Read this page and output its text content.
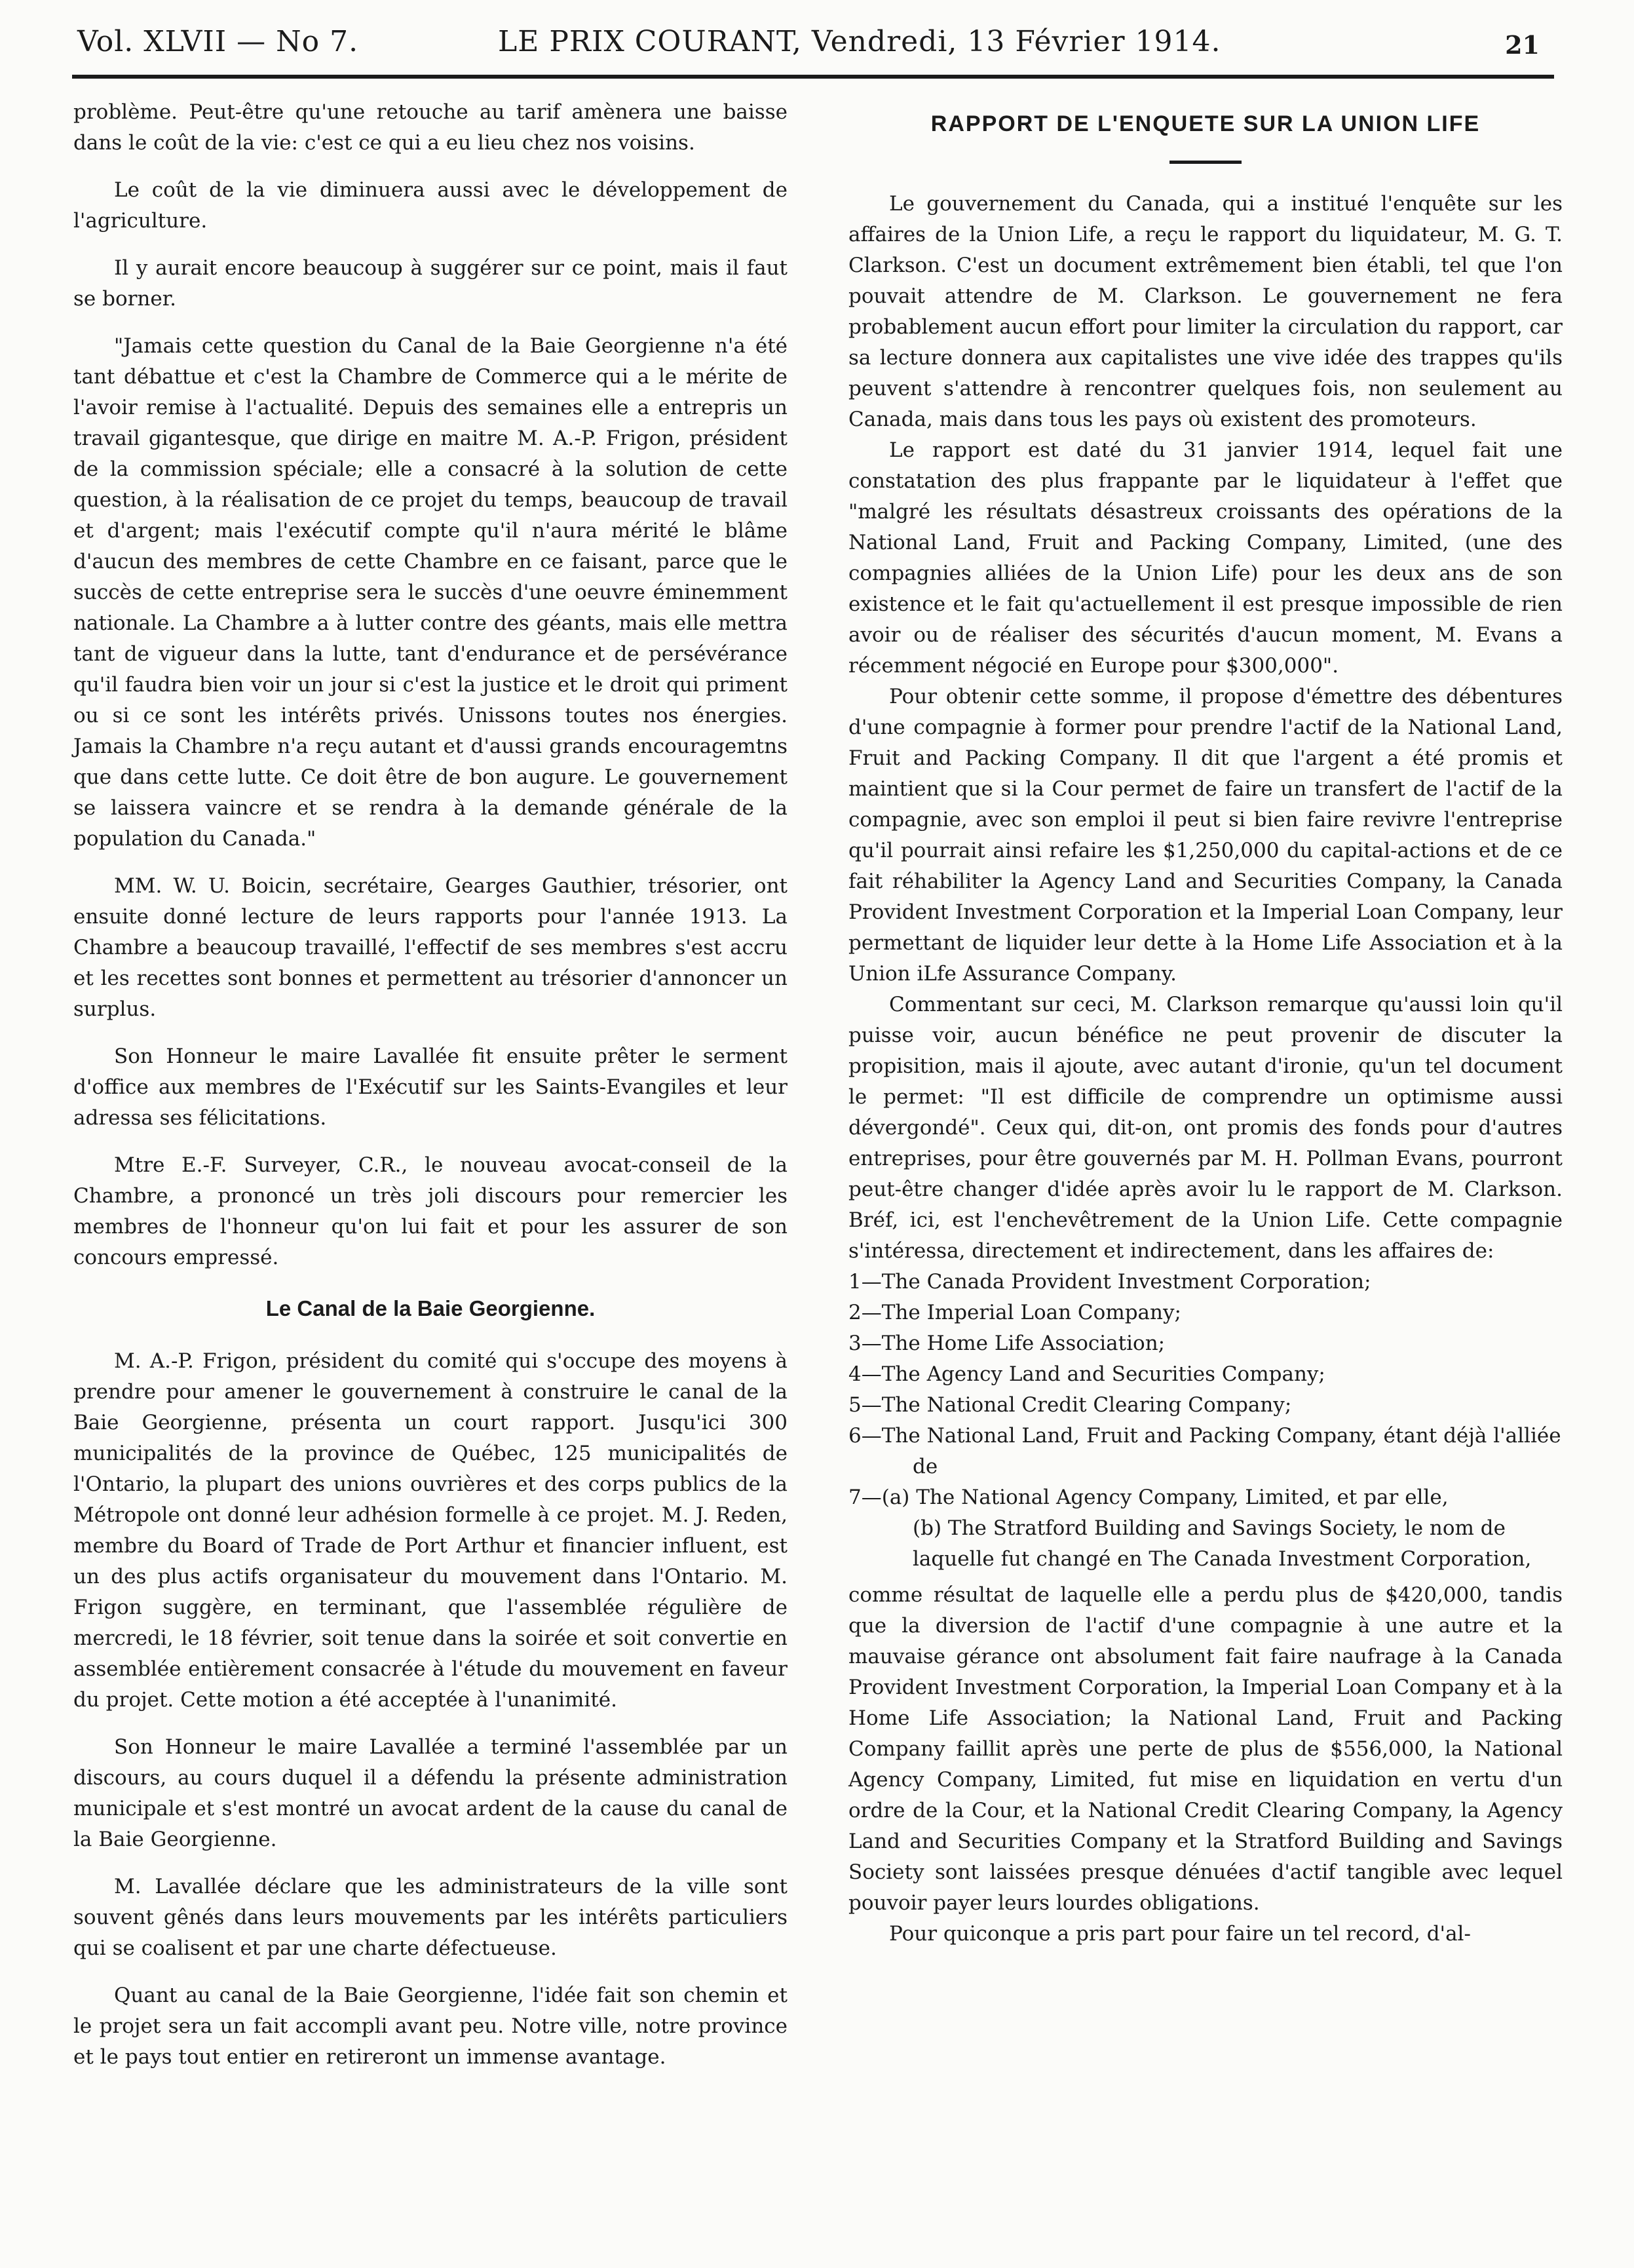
Vol. XLVII — No 7.	LE PRIX COURANT, Vendredi, 13 Février 1914.	21

problème. Peut-être qu'une retouche au tarif amènera une baisse dans le coût de la vie: c'est ce qui a eu lieu chez nos voisins.

Le coût de la vie diminuera aussi avec le développement de l'agriculture.

Il y aurait encore beaucoup à suggérer sur ce point, mais il faut se borner.

"Jamais cette question du Canal de la Baie Georgienne n'a été tant débattue et c'est la Chambre de Commerce qui a le mérite de l'avoir remise à l'actualité. Depuis des semaines elle a entrepris un travail gigantesque, que dirige en maitre M. A.-P. Frigon, président de la commission spéciale; elle a consacré à la solution de cette question, à la réalisation de ce projet du temps, beaucoup de travail et d'argent; mais l'exécutif compte qu'il n'aura mérité le blâme d'aucun des membres de cette Chambre en ce faisant, parce que le succès de cette entreprise sera le succès d'une oeuvre éminemment nationale. La Chambre a à lutter contre des géants, mais elle mettra tant de vigueur dans la lutte, tant d'endurance et de persévérance qu'il faudra bien voir un jour si c'est la justice et le droit qui priment ou si ce sont les intérêts privés. Unissons toutes nos énergies. Jamais la Chambre n'a reçu autant et d'aussi grands encouragemtns que dans cette lutte. Ce doit être de bon augure. Le gouvernement se laissera vaincre et se rendra à la demande générale de la population du Canada."

MM. W. U. Boicin, secrétaire, Gearges Gauthier, trésorier, ont ensuite donné lecture de leurs rapports pour l'année 1913. La Chambre a beaucoup travaillé, l'effectif de ses membres s'est accru et les recettes sont bonnes et permettent au trésorier d'annoncer un surplus.

Son Honneur le maire Lavallée fit ensuite prêter le serment d'office aux membres de l'Exécutif sur les Saints-Evangiles et leur adressa ses félicitations.

Mtre E.-F. Surveyer, C.R., le nouveau avocat-conseil de la Chambre, a prononcé un très joli discours pour remercier les membres de l'honneur qu'on lui fait et pour les assurer de son concours empressé.

Le Canal de la Baie Georgienne.

M. A.-P. Frigon, président du comité qui s'occupe des moyens à prendre pour amener le gouvernement à construire le canal de la Baie Georgienne, présenta un court rapport. Jusqu'ici 300 municipalités de la province de Québec, 125 municipalités de l'Ontario, la plupart des unions ouvrières et des corps publics de la Métropole ont donné leur adhésion formelle à ce projet. M. J. Reden, membre du Board of Trade de Port Arthur et financier influent, est un des plus actifs organisateur du mouvement dans l'Ontario. M. Frigon suggère, en terminant, que l'assemblée régulière de mercredi, le 18 février, soit tenue dans la soirée et soit convertie en assemblée entièrement consacrée à l'étude du mouvement en faveur du projet. Cette motion a été acceptée à l'unanimité.

Son Honneur le maire Lavallée a terminé l'assemblée par un discours, au cours duquel il a défendu la présente administration municipale et s'est montré un avocat ardent de la cause du canal de la Baie Georgienne.

M. Lavallée déclare que les administrateurs de la ville sont souvent gênés dans leurs mouvements par les intérêts particuliers qui se coalisent et par une charte défectueuse.

Quant au canal de la Baie Georgienne, l'idée fait son chemin et le projet sera un fait accompli avant peu. Notre ville, notre province et le pays tout entier en retireront un immense avantage.

RAPPORT DE L'ENQUETE SUR LA UNION LIFE

Le gouvernement du Canada, qui a institué l'enquête sur les affaires de la Union Life, a reçu le rapport du liquidateur, M. G. T. Clarkson. C'est un document extrêmement bien établi, tel que l'on pouvait attendre de M. Clarkson. Le gouvernement ne fera probablement aucun effort pour limiter la circulation du rapport, car sa lecture donnera aux capitalistes une vive idée des trappes qu'ils peuvent s'attendre à rencontrer quelques fois, non seulement au Canada, mais dans tous les pays où existent des promoteurs.

Le rapport est daté du 31 janvier 1914, lequel fait une constatation des plus frappante par le liquidateur à l'effet que "malgré les résultats désastreux croissants des opérations de la National Land, Fruit and Packing Company, Limited, (une des compagnies alliées de la Union Life) pour les deux ans de son existence et le fait qu'actuellement il est presque impossible de rien avoir ou de réaliser des sécurités d'aucun moment, M. Evans a récemment négocié en Europe pour $300,000".

Pour obtenir cette somme, il propose d'émettre des débentures d'une compagnie à former pour prendre l'actif de la National Land, Fruit and Packing Company. Il dit que l'argent a été promis et maintient que si la Cour permet de faire un transfert de l'actif de la compagnie, avec son emploi il peut si bien faire revivre l'entreprise qu'il pourrait ainsi refaire les $1,250,000 du capital-actions et de ce fait réhabiliter la Agency Land and Securities Company, la Canada Provident Investment Corporation et la Imperial Loan Company, leur permettant de liquider leur dette à la Home Life Association et à la Union iLfe Assurance Company.

Commentant sur ceci, M. Clarkson remarque qu'aussi loin qu'il puisse voir, aucun bénéfice ne peut provenir de discuter la propisition, mais il ajoute, avec autant d'ironie, qu'un tel document le permet: "Il est difficile de comprendre un optimisme aussi dévergondé". Ceux qui, dit-on, ont promis des fonds pour d'autres entreprises, pour être gouvernés par M. H. Pollman Evans, pourront peut-être changer d'idée après avoir lu le rapport de M. Clarkson. Bréf, ici, est l'enchevêtrement de la Union Life. Cette compagnie s'intéressa, directement et indirectement, dans les affaires de:

1—The Canada Provident Investment Corporation;
2—The Imperial Loan Company;
3—The Home Life Association;
4—The Agency Land and Securities Company;
5—The National Credit Clearing Company;
6—The National Land, Fruit and Packing Company, étant déjà l'alliée de
7—(a) The National Agency Company, Limited, et par elle,
(b) The Stratford Building and Savings Society, le nom de laquelle fut changé en The Canada Investment Corporation,

comme résultat de laquelle elle a perdu plus de $420,000, tandis que la diversion de l'actif d'une compagnie à une autre et la mauvaise gérance ont absolument fait faire naufrage à la Canada Provident Investment Corporation, la Imperial Loan Company et à la Home Life Association; la National Land, Fruit and Packing Company faillit après une perte de plus de $556,000, la National Agency Company, Limited, fut mise en liquidation en vertu d'un ordre de la Cour, et la National Credit Clearing Company, la Agency Land and Securities Company et la Stratford Building and Savings Society sont laissées presque dénuées d'actif tangible avec lequel pouvoir payer leurs lourdes obligations.

Pour quiconque a pris part pour faire un tel record, d'al-
